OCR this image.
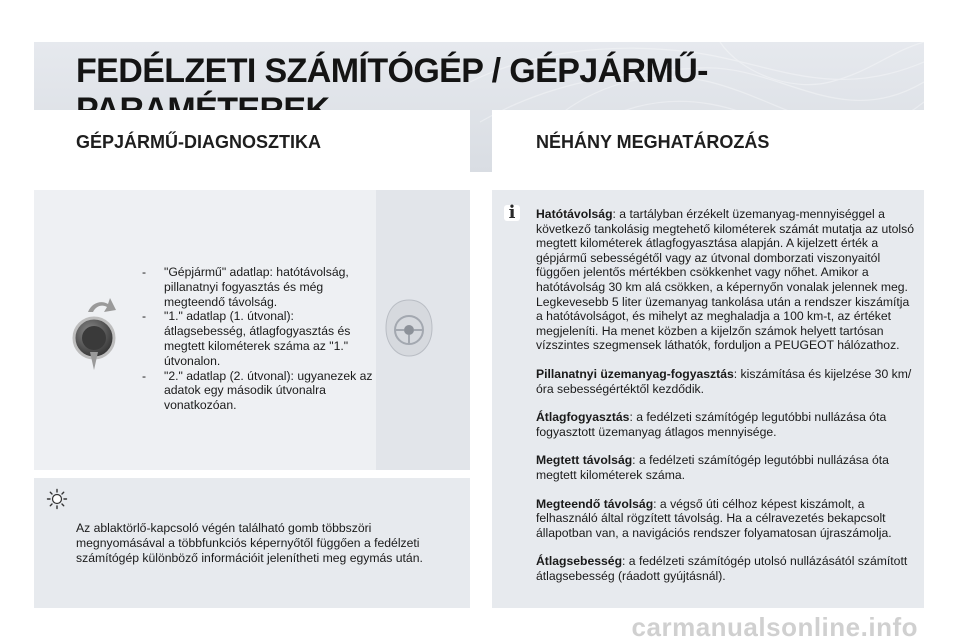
FEDÉLZETI SZÁMÍTÓGÉP / GÉPJÁRMŰ-
GÉPJÁRMŰ-DIAGNOSZTIKA	NÉHÁNY MEGHATÁROZÁS
- "Gépjármű" adatlap: hatótávolság, pillanatnyi fogyasztás és még megteendő távolság.
- "1." adatlap (1. útvonal): átlagsebesség, átlagfogyasztás és megtett kilométerek száma az "1." útvonalon.
- "2." adatlap (2. útvonal): ugyanezek az adatok egy második útvonalra vonatkozóan.

Az ablaktörlő-kapcsoló végén található gomb többszöri megnyomásával a többfunkciós képernyőtől függően a fedélzeti számítógép különböző információit jelenítheti meg egymás után.

i	Hatótávolság: a tartályban érzékelt üzemanyag-mennyiséggel a következő tankolásig megtehető kilométerek számát mutatja az utolsó megtett kilométerek átlagfogyasztása alapján. A kijelzett érték a gépjármű sebességétől vagy az útvonal domborzati viszonyaitól függően jelentős mértékben csökkenhet vagy nőhet. Amikor a hatótávolság 30 km alá csökken, a képernyőn vonalak jelennek meg. Legkevesebb 5 liter üzemanyag tankolása után a rendszer kiszámítja a hatótávolságot, és mihelyt az meghaladja a 100 km-t, az értéket megjeleníti. Ha menet közben a kijelzőn számok helyett tartósan vízszintes szegmensek láthatók, forduljon a PEUGEOT hálózathoz.

Pillanatnyi üzemanyag-fogyasztás: kiszámítása és kijelzése 30 km/óra sebességértéktől kezdődik.

Átlagfogyasztás: a fedélzeti számítógép legutóbbi nullázása óta fogyasztott üzemanyag átlagos mennyisége.

Megtett távolság: a fedélzeti számítógép legutóbbi nullázása óta megtett kilométerek száma.

Megteendő távolság: a végső úti célhoz képest kiszámolt, a felhasználó által rögzített távolság. Ha a célravezetés bekapcsolt állapotban van, a navigációs rendszer folyamatosan újraszámolja.

Átlagsebesség: a fedélzeti számítógép utolsó nullázásától számított átlagsebesség (ráadott gyújtásnál).

carmanualsonline.info
21
